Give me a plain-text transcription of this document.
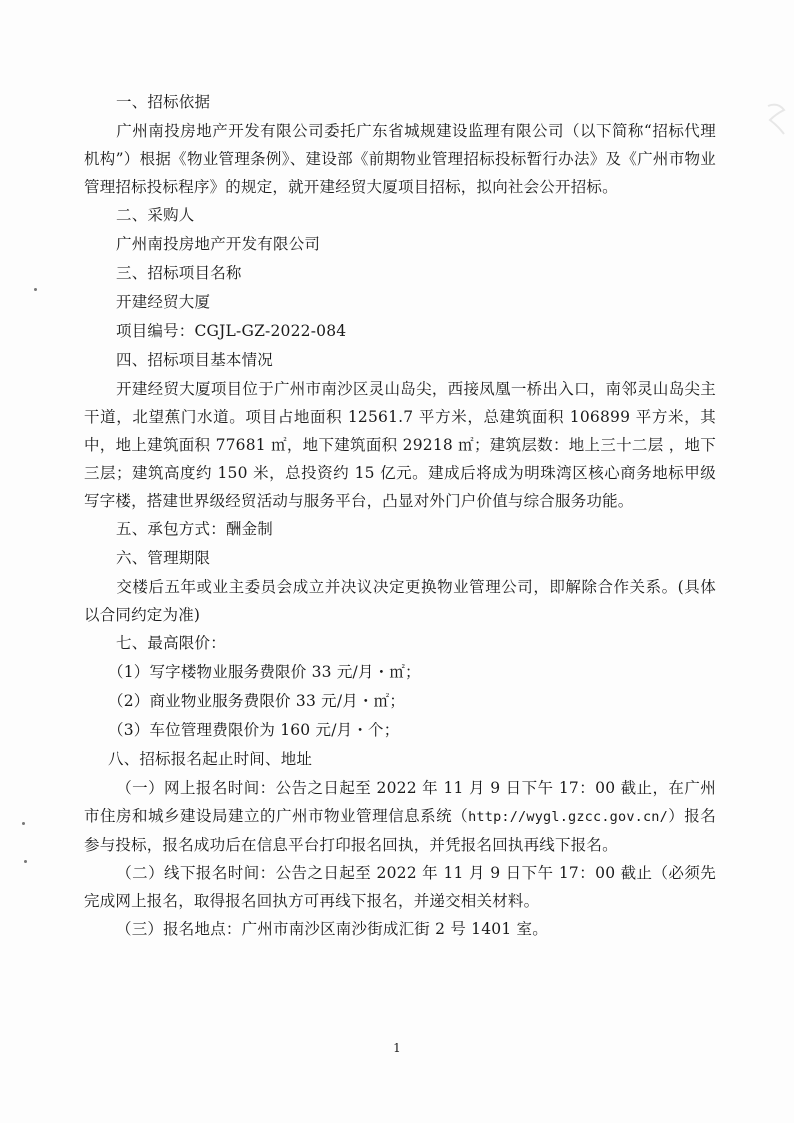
一、招标依据
广州南投房地产开发有限公司委托广东省城规建设监理有限公司（以下简称“招标代理机构”）根据《物业管理条例》、建设部《前期物业管理招标投标暂行办法》及《广州市物业管理招标投标程序》的规定，就开建经贸大厦项目招标，拟向社会公开招标。
二、采购人
广州南投房地产开发有限公司
三、招标项目名称
开建经贸大厦
项目编号：CGJL-GZ-2022-084
四、招标项目基本情况
开建经贸大厦项目位于广州市南沙区灵山岛尖，西接凤凰一桥出入口，南邻灵山岛尖主干道，北望蕉门水道。项目占地面积 12561.7 平方米，总建筑面积 106899 平方米，其中，地上建筑面积 77681 ㎡，地下建筑面积 29218 ㎡；建筑层数：地上三十二层 ，地下三层；建筑高度约 150 米，总投资约 15 亿元。建成后将成为明珠湾区核心商务地标甲级写字楼，搭建世界级经贸活动与服务平台，凸显对外门户价值与综合服务功能。
五、承包方式：酬金制
六、管理期限
交楼后五年或业主委员会成立并决议决定更换物业管理公司，即解除合作关系。(具体以合同约定为准)
七、最高限价：
（1）写字楼物业服务费限价 33 元/月・㎡；
（2）商业物业服务费限价 33 元/月・㎡；
（3）车位管理费限价为 160 元/月・个；
八、招标报名起止时间、地址
（一）网上报名时间：公告之日起至 2022 年 11 月 9 日下午 17：00 截止，在广州市住房和城乡建设局建立的广州市物业管理信息系统（http://wygl.gzcc.gov.cn/）报名参与投标，报名成功后在信息平台打印报名回执，并凭报名回执再线下报名。
（二）线下报名时间：公告之日起至 2022 年 11 月 9 日下午 17：00 截止（必须先完成网上报名，取得报名回执方可再线下报名，并递交相关材料。
（三）报名地点：广州市南沙区南沙街成汇街 2 号 1401 室。
1
